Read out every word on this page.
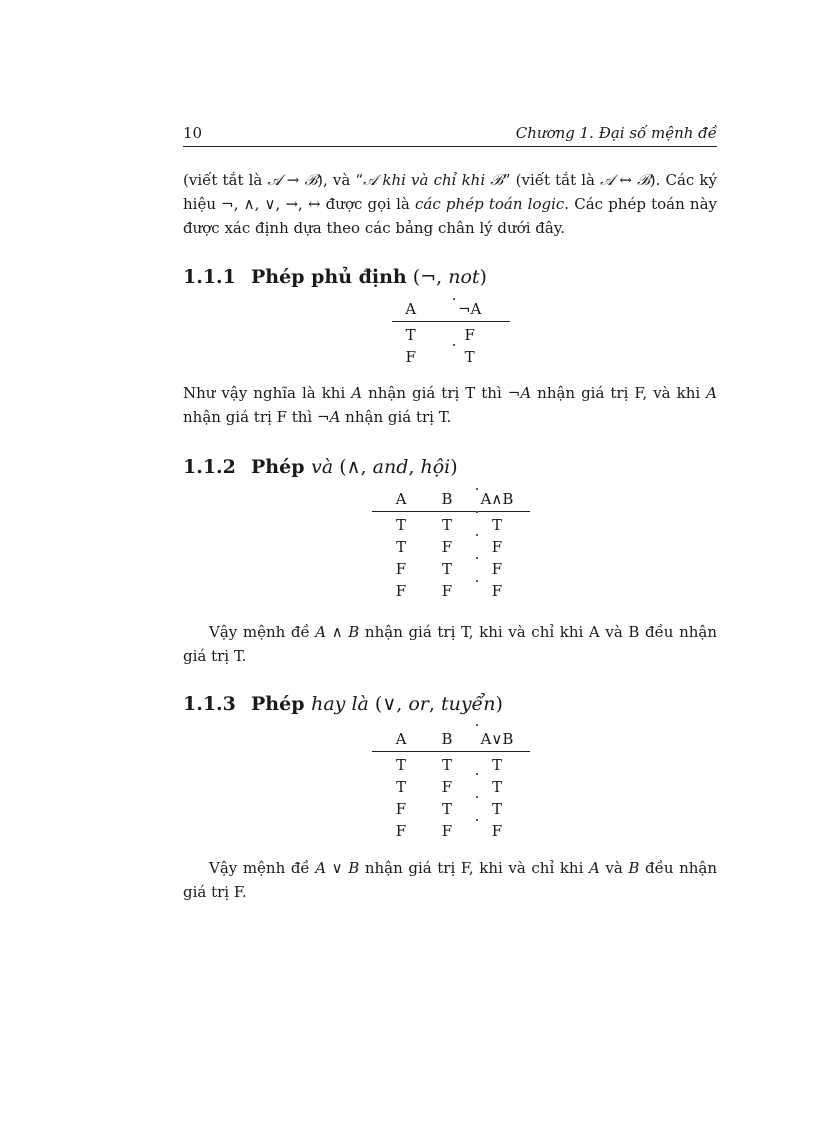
10	Chương 1. Đại số mệnh đề

(viết tắt là 𝒜 → ℬ), và “𝒜 khi và chỉ khi ℬ” (viết tắt là 𝒜 ↔ ℬ). Các ký hiệu ¬, ∧, ∨, →, ↔ được gọi là các phép toán logic. Các phép toán này được xác định dựa theo các bảng chân lý dưới đây.

1.1.1 Phép phủ định (¬, not)
A	¬A
T	F
F	T

Như vậy nghĩa là khi A nhận giá trị T thì ¬A nhận giá trị F, và khi A nhận giá trị F thì ¬A nhận giá trị T.

1.1.2 Phép và (∧, and, hội)
A	B	A∧B
T	T	T
T	F	F
F	T	F
F	F	F

Vậy mệnh đề A ∧ B nhận giá trị T, khi và chỉ khi A và B đều nhận giá trị T.

1.1.3 Phép hay là (∨, or, tuyển)
A	B	A∨B
T	T	T
T	F	T
F	T	T
F	F	F

Vậy mệnh đề A ∨ B nhận giá trị F, khi và chỉ khi A và B đều nhận giá trị F.
